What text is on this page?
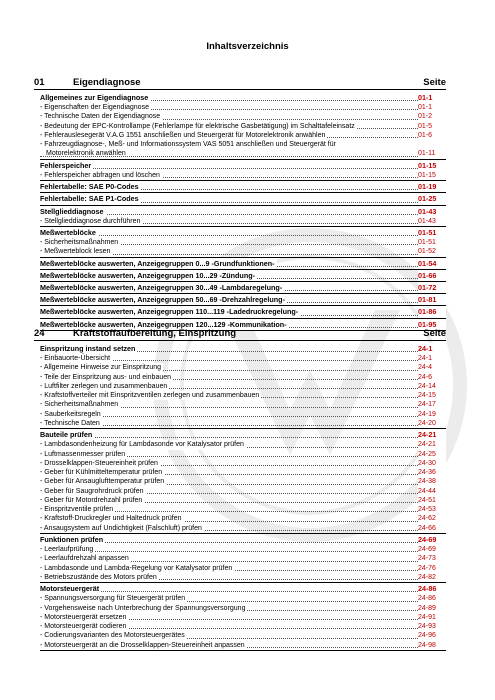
Inhaltsverzeichnis
01	Eigendiagnose	Seite
Allgemeines zur Eigendiagnose	01-1
- Eigenschaften der Eigendiagnose	01-1
- Technische Daten der Eigendiagnose	01-2
- Bedeutung der EPC-Kontrollampe (Fehlerlampe für elektrische Gasbetätigung) im Schalttafeleinsatz	01-5
- Fehlerauslesegerät V.A.G 1551 anschließen und Steuergerät für Motorelektronik anwählen	01-6
- Fahrzeugdiagnose-, Meß- und Informationssystem VAS 5051 anschließen und Steuergerät für
Motorelektronik anwählen	01-11
Fehlerspeicher	01-15
- Fehlerspeicher abfragen und löschen	01-15
Fehlertabelle: SAE P0-Codes	01-19
Fehlertabelle: SAE P1-Codes	01-25
Stellglieddiagnose	01-43
- Stellglieddiagnose durchführen	01-43
Meßwerteblöcke	01-51
- Sicherheitsmaßnahmen	01-51
- Meßwerteblock lesen	01-52
Meßwerteblöcke auswerten, Anzeigegruppen 0...9 -Grundfunktionen-	01-54
Meßwerteblöcke auswerten, Anzeigegruppen 10...29 -Zündung-	01-66
Meßwerteblöcke auswerten, Anzeigegruppen 30...49 -Lambdaregelung-	01-72
Meßwerteblöcke auswerten, Anzeigegruppen 50...69 -Drehzahlregelung-	01-81
Meßwerteblöcke auswerten, Anzeigegruppen 110...119 -Ladedruckregelung-	01-86
Meßwerteblöcke auswerten, Anzeigegruppen 120...129 -Kommunikation-	01-95
24	Kraftstoffaufbereitung, Einspritzung	Seite
Einspritzung instand setzen	24-1
- Einbauorte-Übersicht	24-1
- Allgemeine Hinweise zur Einspritzung	24-4
- Teile der Einspritzung aus- und einbauen	24-6
- Luftfilter zerlegen und zusammenbauen	24-14
- Kraftstoffverteiler mit Einspritzventilen zerlegen und zusammenbauen	24-15
- Sicherheitsmaßnahmen	24-17
- Sauberkeitsregeln	24-19
- Technische Daten	24-20
Bauteile prüfen	24-21
- Lambdasondenheizung für Lambdasonde vor Katalysator prüfen	24-21
- Luftmassenmesser prüfen	24-25
- Drosselklappen-Steuereinheit prüfen	24-30
- Geber für Kühlmitteltemperatur prüfen	24-36
- Geber für Ansauglufttemperatur prüfen	24-38
- Geber für Saugrohrdruck prüfen	24-44
- Geber für Motordrehzahl prüfen	24-51
- Einspritzventile prüfen	24-53
- Kraftstoff-Druckregler und Haltedruck prüfen	24-62
- Ansaugsystem auf Undichtigkeit (Falschluft) prüfen	24-66
Funktionen prüfen	24-69
- Leerlaufprüfung	24-69
- Leerlaufdrehzahl anpassen	24-73
- Lambdasonde und Lambda-Regelung vor Katalysator prüfen	24-76
- Betriebszustände des Motors prüfen	24-82
Motorsteuergerät	24-86
- Spannungsversorgung für Steuergerät prüfen	24-86
- Vorgehensweise nach Unterbrechung der Spannungsversorgung	24-89
- Motorsteuergerät ersetzen	24-91
- Motorsteuergerät codieren	24-93
- Codierungsvarianten des Motorsteuergerätes	24-96
- Motorsteuergerät an die Drosselklappen-Steuereinheit anpassen	24-98
